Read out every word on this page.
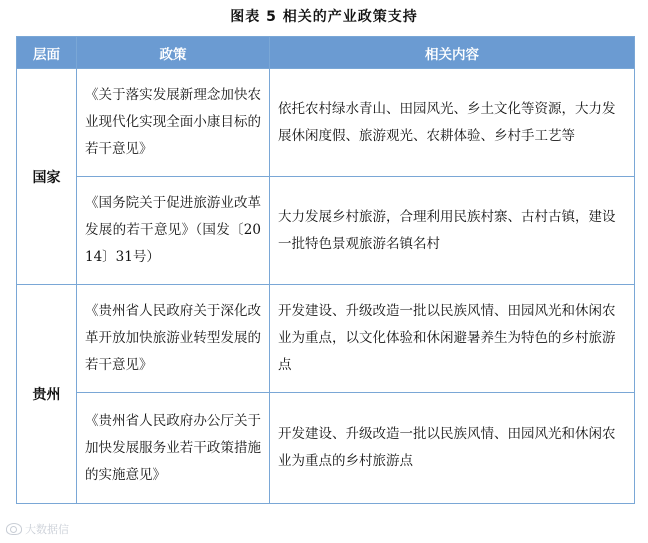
图表 5 相关的产业政策支持
层面	政策	相关内容
国家	《关于落实发展新理念加快农业现代化实现全面小康目标的若干意见》	依托农村绿水青山、田园风光、乡土文化等资源，大力发展休闲度假、旅游观光、农耕体验、乡村手工艺等
	《国务院关于促进旅游业改革发展的若干意见》（国发〔2014〕31号）	大力发展乡村旅游，合理利用民族村寨、古村古镇，建设一批特色景观旅游名镇名村
贵州	《贵州省人民政府关于深化改革开放加快旅游业转型发展的若干意见》	开发建设、升级改造一批以民族风情、田园风光和休闲农业为重点，以文化体验和休闲避暑养生为特色的乡村旅游点
	《贵州省人民政府办公厅关于加快发展服务业若干政策措施的实施意见》	开发建设、升级改造一批以民族风情、田园风光和休闲农业为重点的乡村旅游点
大数据信
